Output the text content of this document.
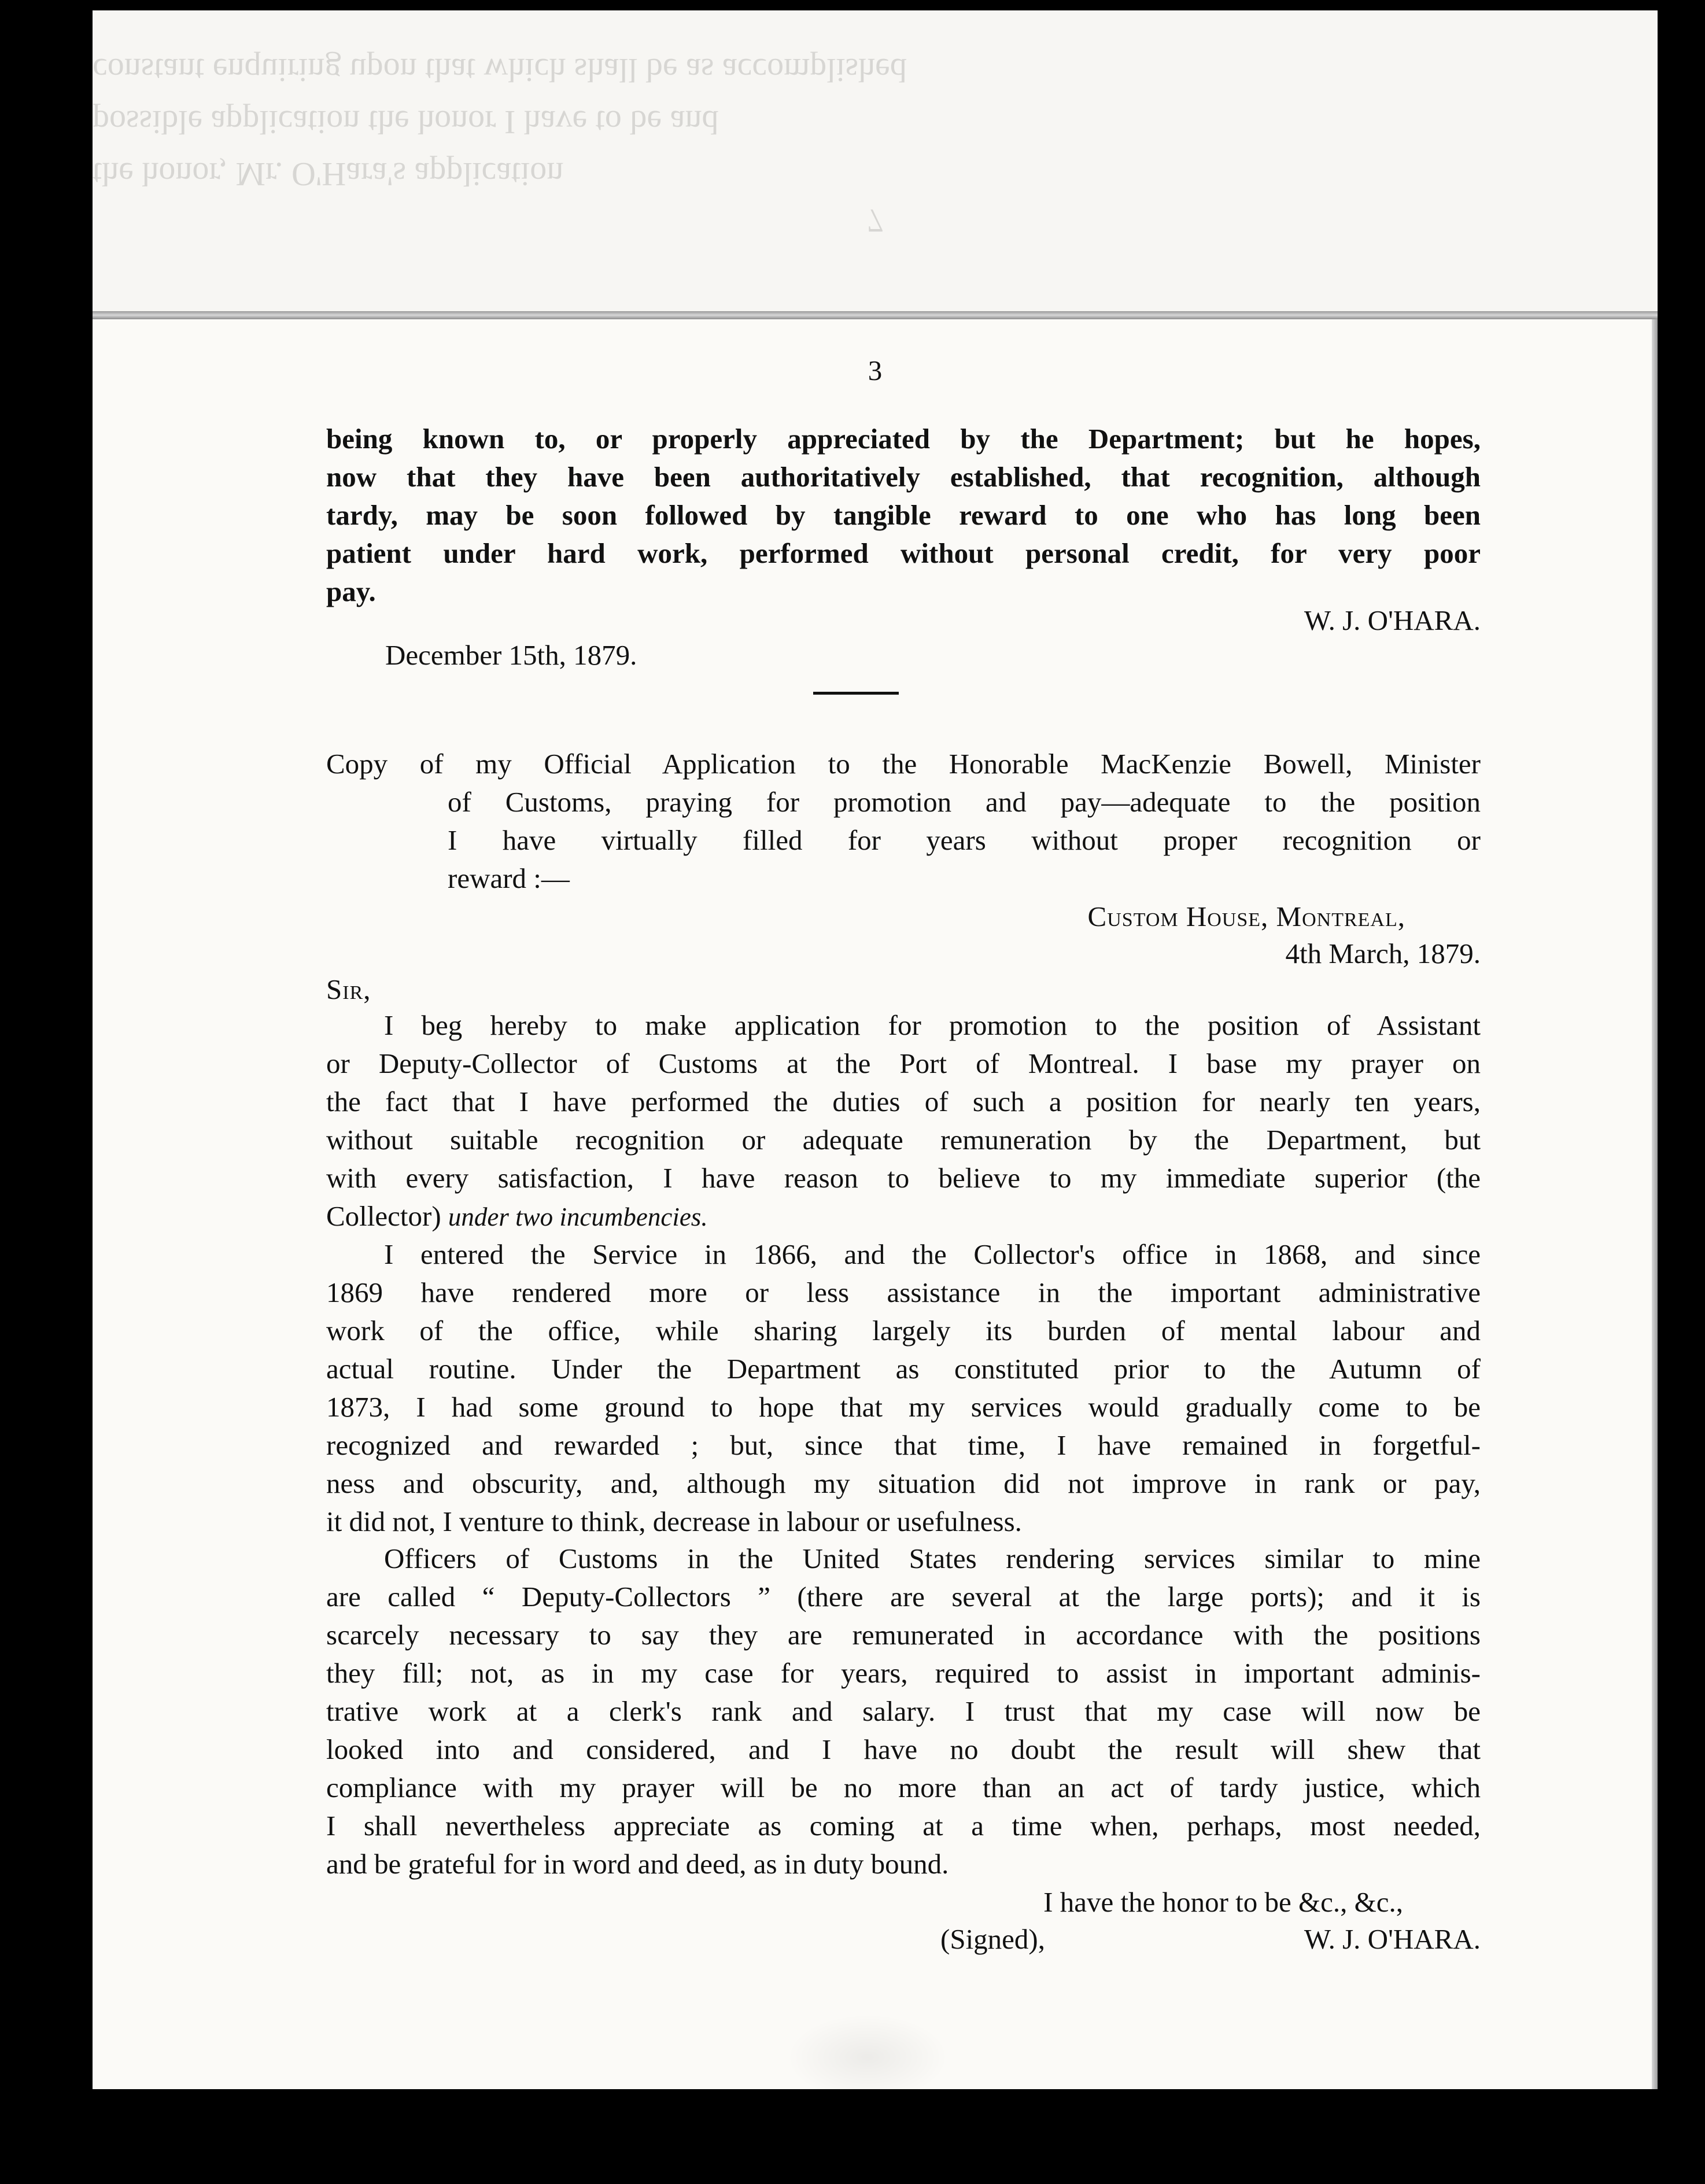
constant enquiring upon that which shall be as accomplished
possible application the honor I have to be and
the honor, Mr. O'Hara's application
7
3
being known to, or properly appreciated by the Department; but he hopes,
now that they have been authoritatively established, that recognition, although
tardy, may be soon followed by tangible reward to one who has long been
patient under hard work, performed without personal credit, for very poor
pay.
W. J. O'HARA.
December 15th, 1879.
Copy of my Official Application to the Honorable MacKenzie Bowell, Minister
of Customs, praying for promotion and pay—adequate to the position
I have virtually filled for years without proper recognition or
reward :—
Custom House, Montreal,
4th March, 1879.
Sir,
I beg hereby to make application for promotion to the position of Assistant
or Deputy-Collector of Customs at the Port of Montreal. I base my prayer on
the fact that I have performed the duties of such a position for nearly ten years,
without suitable recognition or adequate remuneration by the Department, but
with every satisfaction, I have reason to believe to my immediate superior (the
Collector) under two incumbencies.
I entered the Service in 1866, and the Collector's office in 1868, and since
1869 have rendered more or less assistance in the important administrative
work of the office, while sharing largely its burden of mental labour and
actual routine. Under the Department as constituted prior to the Autumn of
1873, I had some ground to hope that my services would gradually come to be
recognized and rewarded ; but, since that time, I have remained in forgetful-
ness and obscurity, and, although my situation did not improve in rank or pay,
it did not, I venture to think, decrease in labour or usefulness.
Officers of Customs in the United States rendering services similar to mine
are called “ Deputy-Collectors ” (there are several at the large ports); and it is
scarcely necessary to say they are remunerated in accordance with the positions
they fill; not, as in my case for years, required to assist in important adminis-
trative work at a clerk's rank and salary. I trust that my case will now be
looked into and considered, and I have no doubt the result will shew that
compliance with my prayer will be no more than an act of tardy justice, which
I shall nevertheless appreciate as coming at a time when, perhaps, most needed,
and be grateful for in word and deed, as in duty bound.
I have the honor to be &c., &c.,
(Signed),	W. J. O'HARA.
